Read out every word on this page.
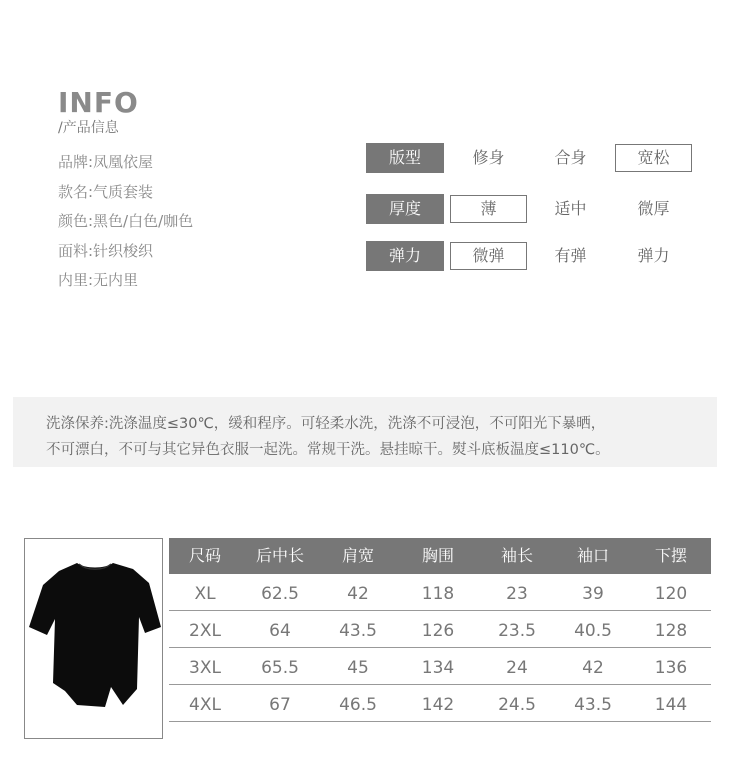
INFO
/产品信息
品牌:凤凰依屋
款名:气质套装
颜色:黑色/白色/咖色
面料:针织梭织
内里:无内里
版型	修身	合身	宽松
厚度	薄	适中	微厚
弹力	微弹	有弹	弹力
洗涤保养:洗涤温度≤30℃，缓和程序。可轻柔水洗，洗涤不可浸泡，不可阳光下暴晒，
不可漂白，不可与其它异色衣服一起洗。常规干洗。悬挂晾干。熨斗底板温度≤110℃。
尺码	后中长	肩宽	胸围	袖长	袖口	下摆
XL	62.5	42	118	23	39	120
2XL	64	43.5	126	23.5	40.5	128
3XL	65.5	45	134	24	42	136
4XL	67	46.5	142	24.5	43.5	144
